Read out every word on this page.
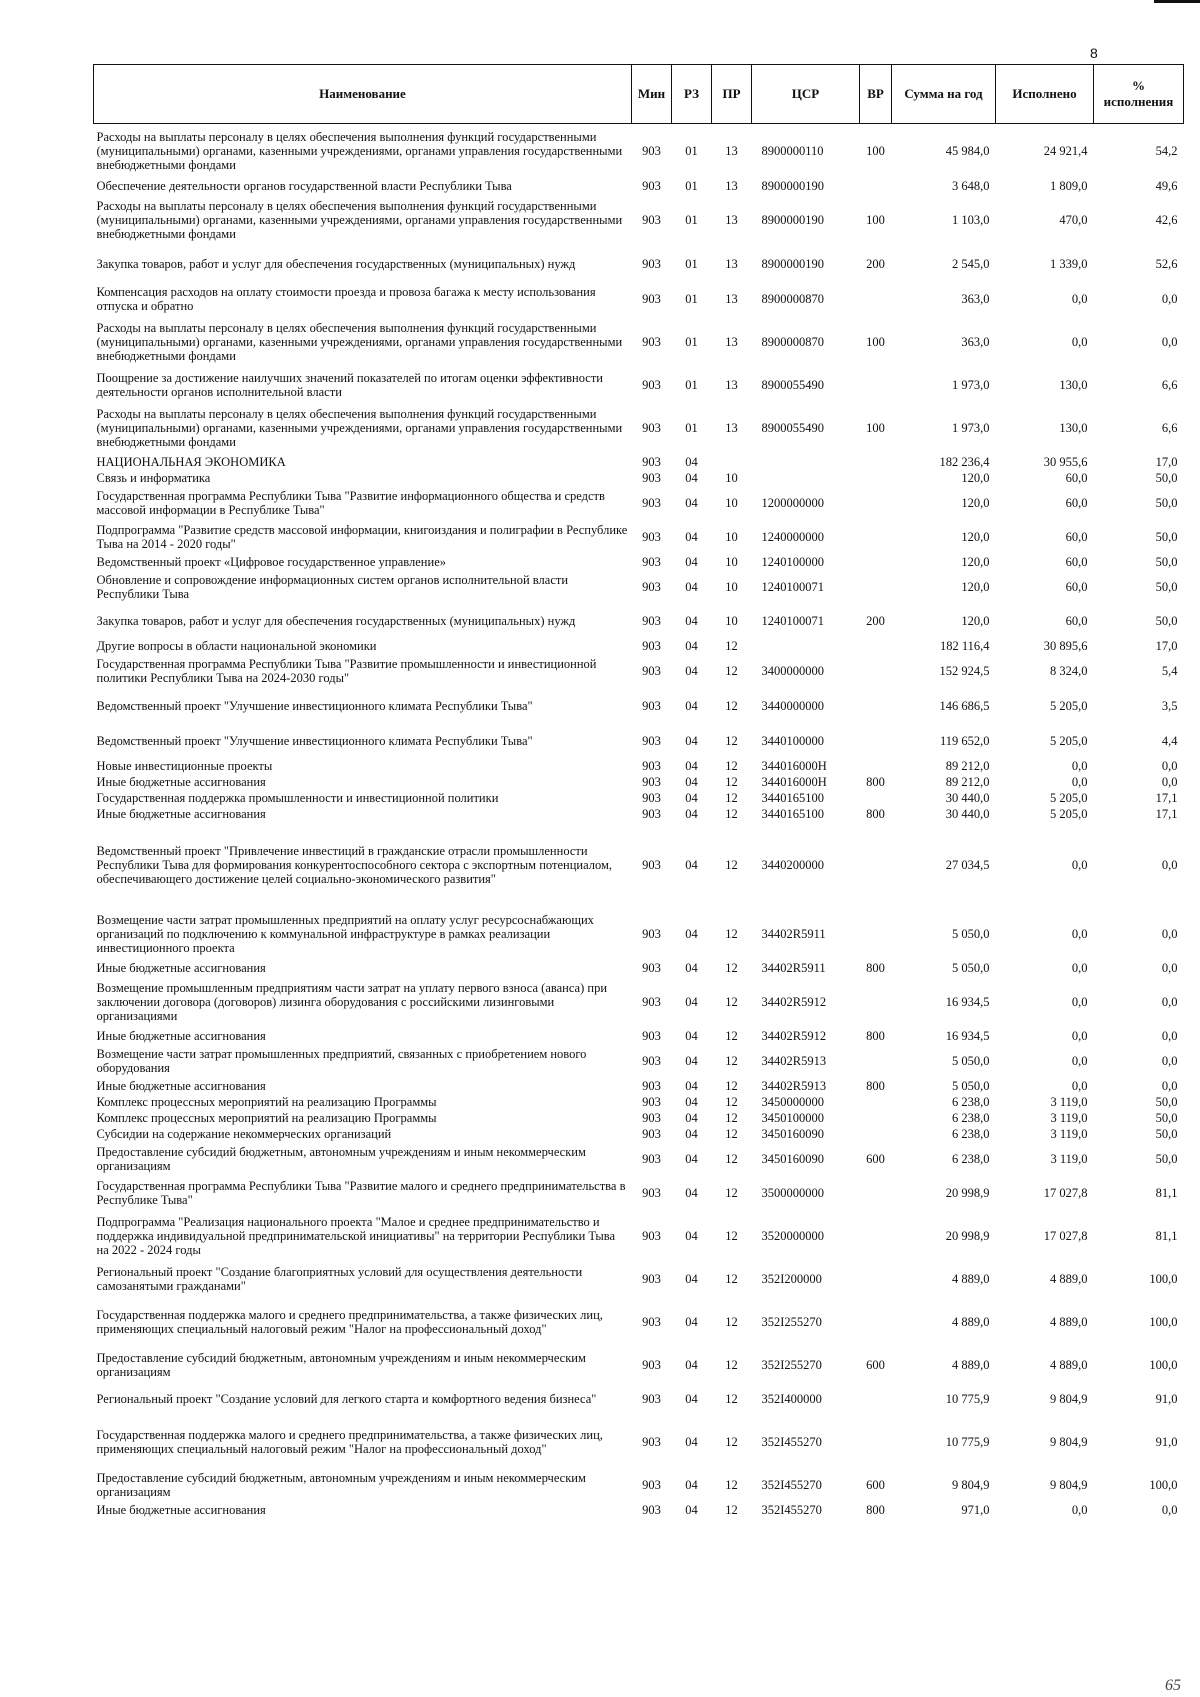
8
Наименование	Мин	РЗ	ПР	ЦСР	ВР	Сумма на год	Исполнено	% исполнения
Расходы на выплаты персоналу в целях обеспечения выполнения функций государственными (муниципальными) органами, казенными учреждениями, органами управления государственными внебюджетными фондами	903	01	13	8900000110	100	45 984,0	24 921,4	54,2
Обеспечение деятельности органов государственной власти Республики Тыва	903	01	13	8900000190		3 648,0	1 809,0	49,6
Расходы на выплаты персоналу в целях обеспечения выполнения функций государственными (муниципальными) органами, казенными учреждениями, органами управления государственными внебюджетными фондами	903	01	13	8900000190	100	1 103,0	470,0	42,6
Закупка товаров, работ и услуг для обеспечения государственных (муниципальных) нужд	903	01	13	8900000190	200	2 545,0	1 339,0	52,6
Компенсация расходов на оплату стоимости проезда и провоза багажа к месту использования отпуска и обратно	903	01	13	8900000870		363,0	0,0	0,0
Расходы на выплаты персоналу в целях обеспечения выполнения функций государственными (муниципальными) органами, казенными учреждениями, органами управления государственными внебюджетными фондами	903	01	13	8900000870	100	363,0	0,0	0,0
Поощрение за достижение наилучших значений показателей по итогам оценки эффективности деятельности органов исполнительной власти	903	01	13	8900055490		1 973,0	130,0	6,6
Расходы на выплаты персоналу в целях обеспечения выполнения функций государственными (муниципальными) органами, казенными учреждениями, органами управления государственными внебюджетными фондами	903	01	13	8900055490	100	1 973,0	130,0	6,6
НАЦИОНАЛЬНАЯ ЭКОНОМИКА	903	04				182 236,4	30 955,6	17,0
Связь и информатика	903	04	10			120,0	60,0	50,0
Государственная программа Республики Тыва "Развитие информационного общества и средств массовой информации в Республике Тыва"	903	04	10	1200000000		120,0	60,0	50,0
Подпрограмма "Развитие средств массовой информации, книгоиздания и полиграфии в Республике Тыва на 2014 - 2020 годы"	903	04	10	1240000000		120,0	60,0	50,0
Ведомственный проект «Цифровое государственное управление»	903	04	10	1240100000		120,0	60,0	50,0
Обновление и сопровождение информационных систем органов исполнительной власти Республики Тыва	903	04	10	1240100071		120,0	60,0	50,0
Закупка товаров, работ и услуг для обеспечения государственных (муниципальных) нужд	903	04	10	1240100071	200	120,0	60,0	50,0
Другие вопросы в области национальной экономики	903	04	12			182 116,4	30 895,6	17,0
Государственная программа Республики Тыва "Развитие промышленности и инвестиционной политики Республики Тыва на 2024-2030 годы"	903	04	12	3400000000		152 924,5	8 324,0	5,4
Ведомственный проект "Улучшение инвестиционного климата Республики Тыва"	903	04	12	3440000000		146 686,5	5 205,0	3,5
Ведомственный проект "Улучшение инвестиционного климата Республики Тыва"	903	04	12	3440100000		119 652,0	5 205,0	4,4
Новые инвестиционные проекты	903	04	12	344016000H		89 212,0	0,0	0,0
Иные бюджетные ассигнования	903	04	12	344016000H	800	89 212,0	0,0	0,0
Государственная поддержка промышленности и инвестиционной политики	903	04	12	3440165100		30 440,0	5 205,0	17,1
Иные бюджетные ассигнования	903	04	12	3440165100	800	30 440,0	5 205,0	17,1
Ведомственный проект "Привлечение инвестиций в гражданские отрасли промышленности Республики Тыва для формирования конкурентоспособного сектора с экспортным потенциалом, обеспечивающего достижение целей социально-экономического развития"	903	04	12	3440200000		27 034,5	0,0	0,0
Возмещение части затрат промышленных предприятий на оплату услуг ресурсоснабжающих организаций по подключению к коммунальной инфраструктуре в рамках реализации инвестиционного проекта	903	04	12	34402R5911		5 050,0	0,0	0,0
Иные бюджетные ассигнования	903	04	12	34402R5911	800	5 050,0	0,0	0,0
Возмещение промышленным предприятиям части затрат на уплату первого взноса (аванса) при заключении договора (договоров) лизинга оборудования с российскими лизинговыми организациями	903	04	12	34402R5912		16 934,5	0,0	0,0
Иные бюджетные ассигнования	903	04	12	34402R5912	800	16 934,5	0,0	0,0
Возмещение части затрат промышленных предприятий, связанных с приобретением нового оборудования	903	04	12	34402R5913		5 050,0	0,0	0,0
Иные бюджетные ассигнования	903	04	12	34402R5913	800	5 050,0	0,0	0,0
Комплекс процессных мероприятий на реализацию Программы	903	04	12	3450000000		6 238,0	3 119,0	50,0
Комплекс процессных мероприятий на реализацию Программы	903	04	12	3450100000		6 238,0	3 119,0	50,0
Субсидии на содержание некоммерческих организаций	903	04	12	3450160090		6 238,0	3 119,0	50,0
Предоставление субсидий бюджетным, автономным учреждениям и иным некоммерческим организациям	903	04	12	3450160090	600	6 238,0	3 119,0	50,0
Государственная программа Республики Тыва "Развитие малого и среднего предпринимательства в Республике Тыва"	903	04	12	3500000000		20 998,9	17 027,8	81,1
Подпрограмма "Реализация национального проекта "Малое и среднее предпринимательство и поддержка индивидуальной предпринимательской инициативы" на территории Республики Тыва на 2022 - 2024 годы	903	04	12	3520000000		20 998,9	17 027,8	81,1
Региональный проект "Создание благоприятных условий для осуществления деятельности самозанятыми гражданами"	903	04	12	352I200000		4 889,0	4 889,0	100,0
Государственная поддержка малого и среднего предпринимательства, а также физических лиц, применяющих специальный налоговый режим "Налог на профессиональный доход"	903	04	12	352I255270		4 889,0	4 889,0	100,0
Предоставление субсидий бюджетным, автономным учреждениям и иным некоммерческим организациям	903	04	12	352I255270	600	4 889,0	4 889,0	100,0
Региональный проект "Создание условий для легкого старта и комфортного ведения бизнеса"	903	04	12	352I400000		10 775,9	9 804,9	91,0
Государственная поддержка малого и среднего предпринимательства, а также физических лиц, применяющих специальный налоговый режим "Налог на профессиональный доход"	903	04	12	352I455270		10 775,9	9 804,9	91,0
Предоставление субсидий бюджетным, автономным учреждениям и иным некоммерческим организациям	903	04	12	352I455270	600	9 804,9	9 804,9	100,0
Иные бюджетные ассигнования	903	04	12	352I455270	800	971,0	0,0	0,0
65
